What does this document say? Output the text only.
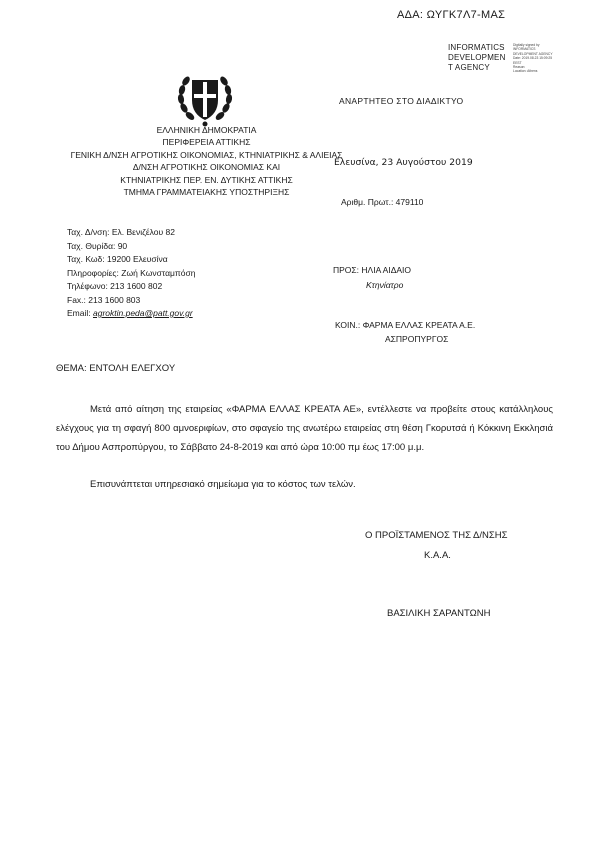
ΑΔΑ: ΩΥΓΚ7Λ7-ΜΑΣ
INFORMATICS
DEVELOPMEN
T AGENCY
Digitally signed by
INFORMATICS
DEVELOPMENT AGENCY
Date: 2019.08.23 15:09:25
EEST
Reason:
Location: Athens
ΑΝΑΡΤΗΤΕΟ ΣΤΟ ΔΙΑΔΙΚΤΥΟ
ΕΛΛΗΝΙΚΗ ΔΗΜΟΚΡΑΤΙΑ
ΠΕΡΙΦΕΡΕΙΑ ΑΤΤΙΚΗΣ
ΓΕΝΙΚΗ Δ/ΝΣΗ ΑΓΡΟΤΙΚΗΣ ΟΙΚΟΝΟΜΙΑΣ, ΚΤΗΝΙΑΤΡΙΚΗΣ & ΑΛΙΕΙΑΣ
Δ/ΝΣΗ ΑΓΡΟΤΙΚΗΣ ΟΙΚΟΝΟΜΙΑΣ ΚΑΙ
ΚΤΗΝΙΑΤΡΙΚΗΣ ΠΕΡ. ΕΝ. ΔΥΤΙΚΗΣ ΑΤΤΙΚΗΣ
ΤΜΗΜΑ ΓΡΑΜΜΑΤΕΙΑΚΗΣ ΥΠΟΣΤΗΡΙΞΗΣ
Ελευσίνα, 23 Αυγούστου 2019
Αριθμ. Πρωτ.: 479110
Ταχ. Δ/νση: Ελ. Βενιζέλου 82
Ταχ. Θυρίδα: 90
Ταχ. Κωδ: 19200 Ελευσίνα
Πληροφορίες: Ζωή Κωνσταμπόση
Τηλέφωνο: 213 1600 802
Fax.: 213 1600 803
Email: agroktin.peda@patt.gov.gr
ΠΡΟΣ: ΗΛΙΑ ΑΙΔΑΙΟ
Κτηνίατρο
ΚΟΙΝ.: ΦΑΡΜΑ ΕΛΛΑΣ ΚΡΕΑΤΑ Α.Ε.
ΑΣΠΡΟΠΥΡΓΟΣ
ΘΕΜΑ: ΕΝΤΟΛΗ ΕΛΕΓΧΟΥ
Μετά από αίτηση της εταιρείας «ΦΑΡΜΑ ΕΛΛΑΣ ΚΡΕΑΤΑ ΑΕ», εντέλλεστε να προβείτε στους κατάλληλους ελέγχους για τη σφαγή 800 αμνοεριφίων, στο σφαγείο της ανωτέρω εταιρείας στη θέση Γκορυτσά ή Κόκκινη Εκκλησιά του Δήμου Ασπροπύργου, το Σάββατο 24-8-2019 και από ώρα 10:00 πμ έως 17:00 μ.μ.
Επισυνάπτεται υπηρεσιακό σημείωμα για το κόστος των τελών.
Ο ΠΡΟΪΣΤΑΜΕΝΟΣ ΤΗΣ Δ/ΝΣΗΣ
Κ.Α.Α.
ΒΑΣΙΛΙΚΗ ΣΑΡΑΝΤΩΝΗ
